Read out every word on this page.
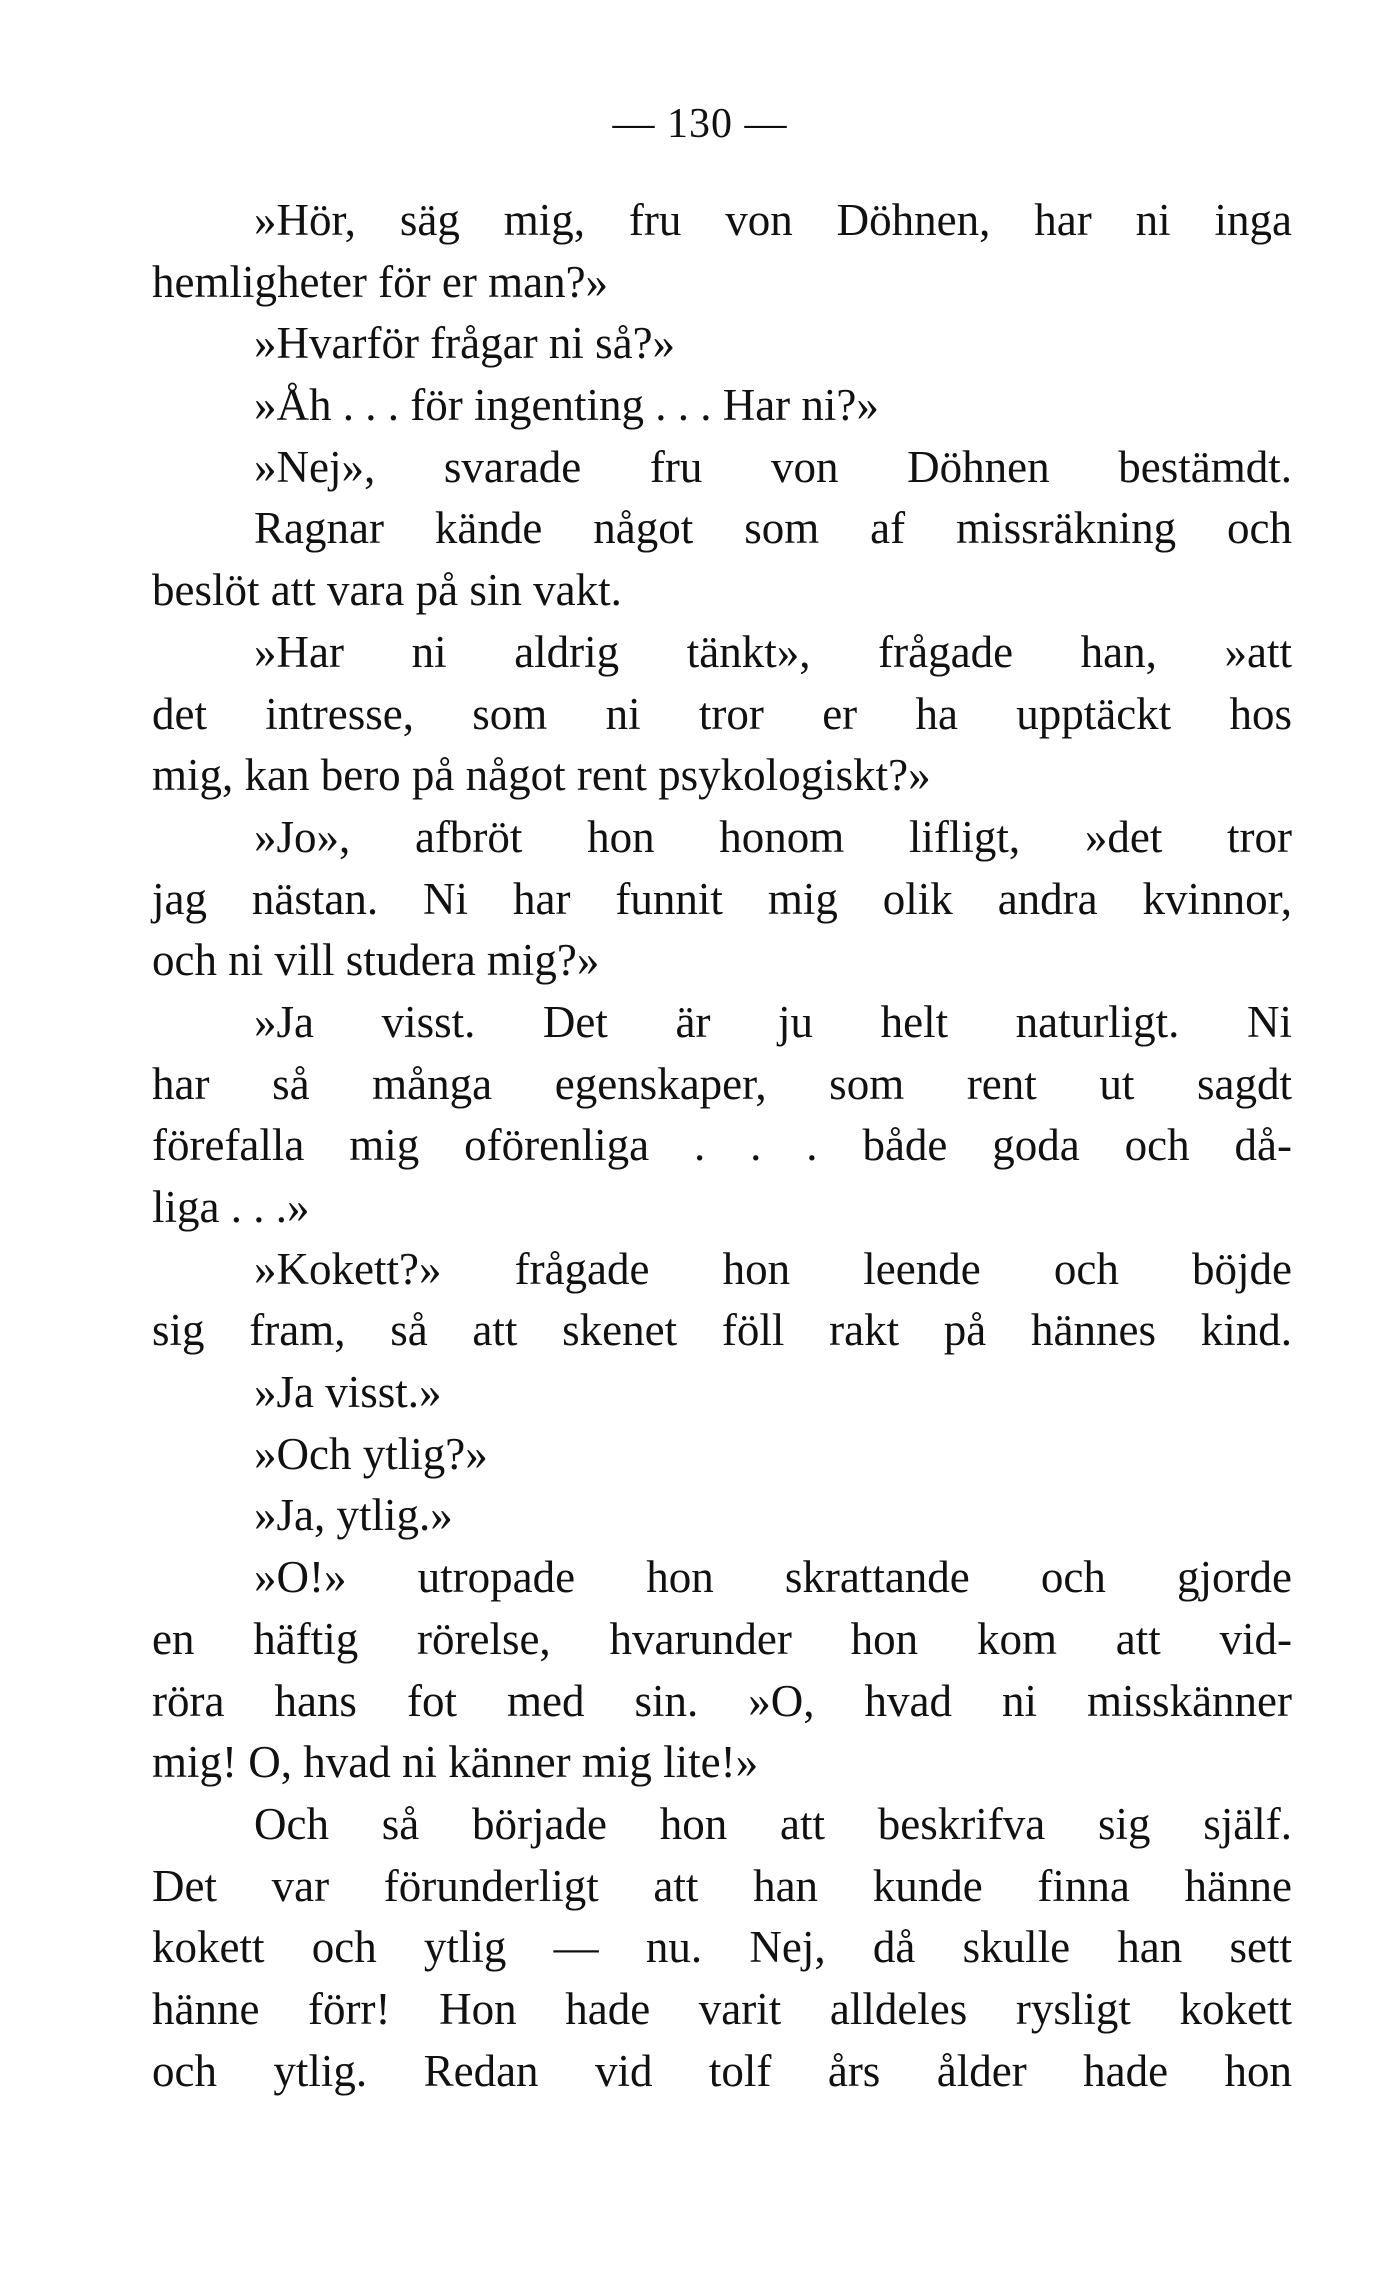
— 130 —
»Hör, säg mig, fru von Döhnen, har ni inga
hemligheter för er man?»
»Hvarför frågar ni så?»
»Åh . . . för ingenting . . . Har ni?»
»Nej», svarade fru von Döhnen bestämdt.
Ragnar kände något som af missräkning och
beslöt att vara på sin vakt.
»Har ni aldrig tänkt», frågade han, »att
det intresse, som ni tror er ha upptäckt hos
mig, kan bero på något rent psykologiskt?»
»Jo», afbröt hon honom lifligt, »det tror
jag nästan. Ni har funnit mig olik andra kvinnor,
och ni vill studera mig?»
»Ja visst. Det är ju helt naturligt. Ni
har så många egenskaper, som rent ut sagdt
förefalla mig oförenliga . . . både goda och då-
liga . . .»
»Kokett?» frågade hon leende och böjde
sig fram, så att skenet föll rakt på hännes kind.
»Ja visst.»
»Och ytlig?»
»Ja, ytlig.»
»O!» utropade hon skrattande och gjorde
en häftig rörelse, hvarunder hon kom att vid-
röra hans fot med sin. »O, hvad ni misskänner
mig! O, hvad ni känner mig lite!»
Och så började hon att beskrifva sig själf.
Det var förunderligt att han kunde finna hänne
kokett och ytlig — nu. Nej, då skulle han sett
hänne förr! Hon hade varit alldeles rysligt kokett
och ytlig. Redan vid tolf års ålder hade hon
